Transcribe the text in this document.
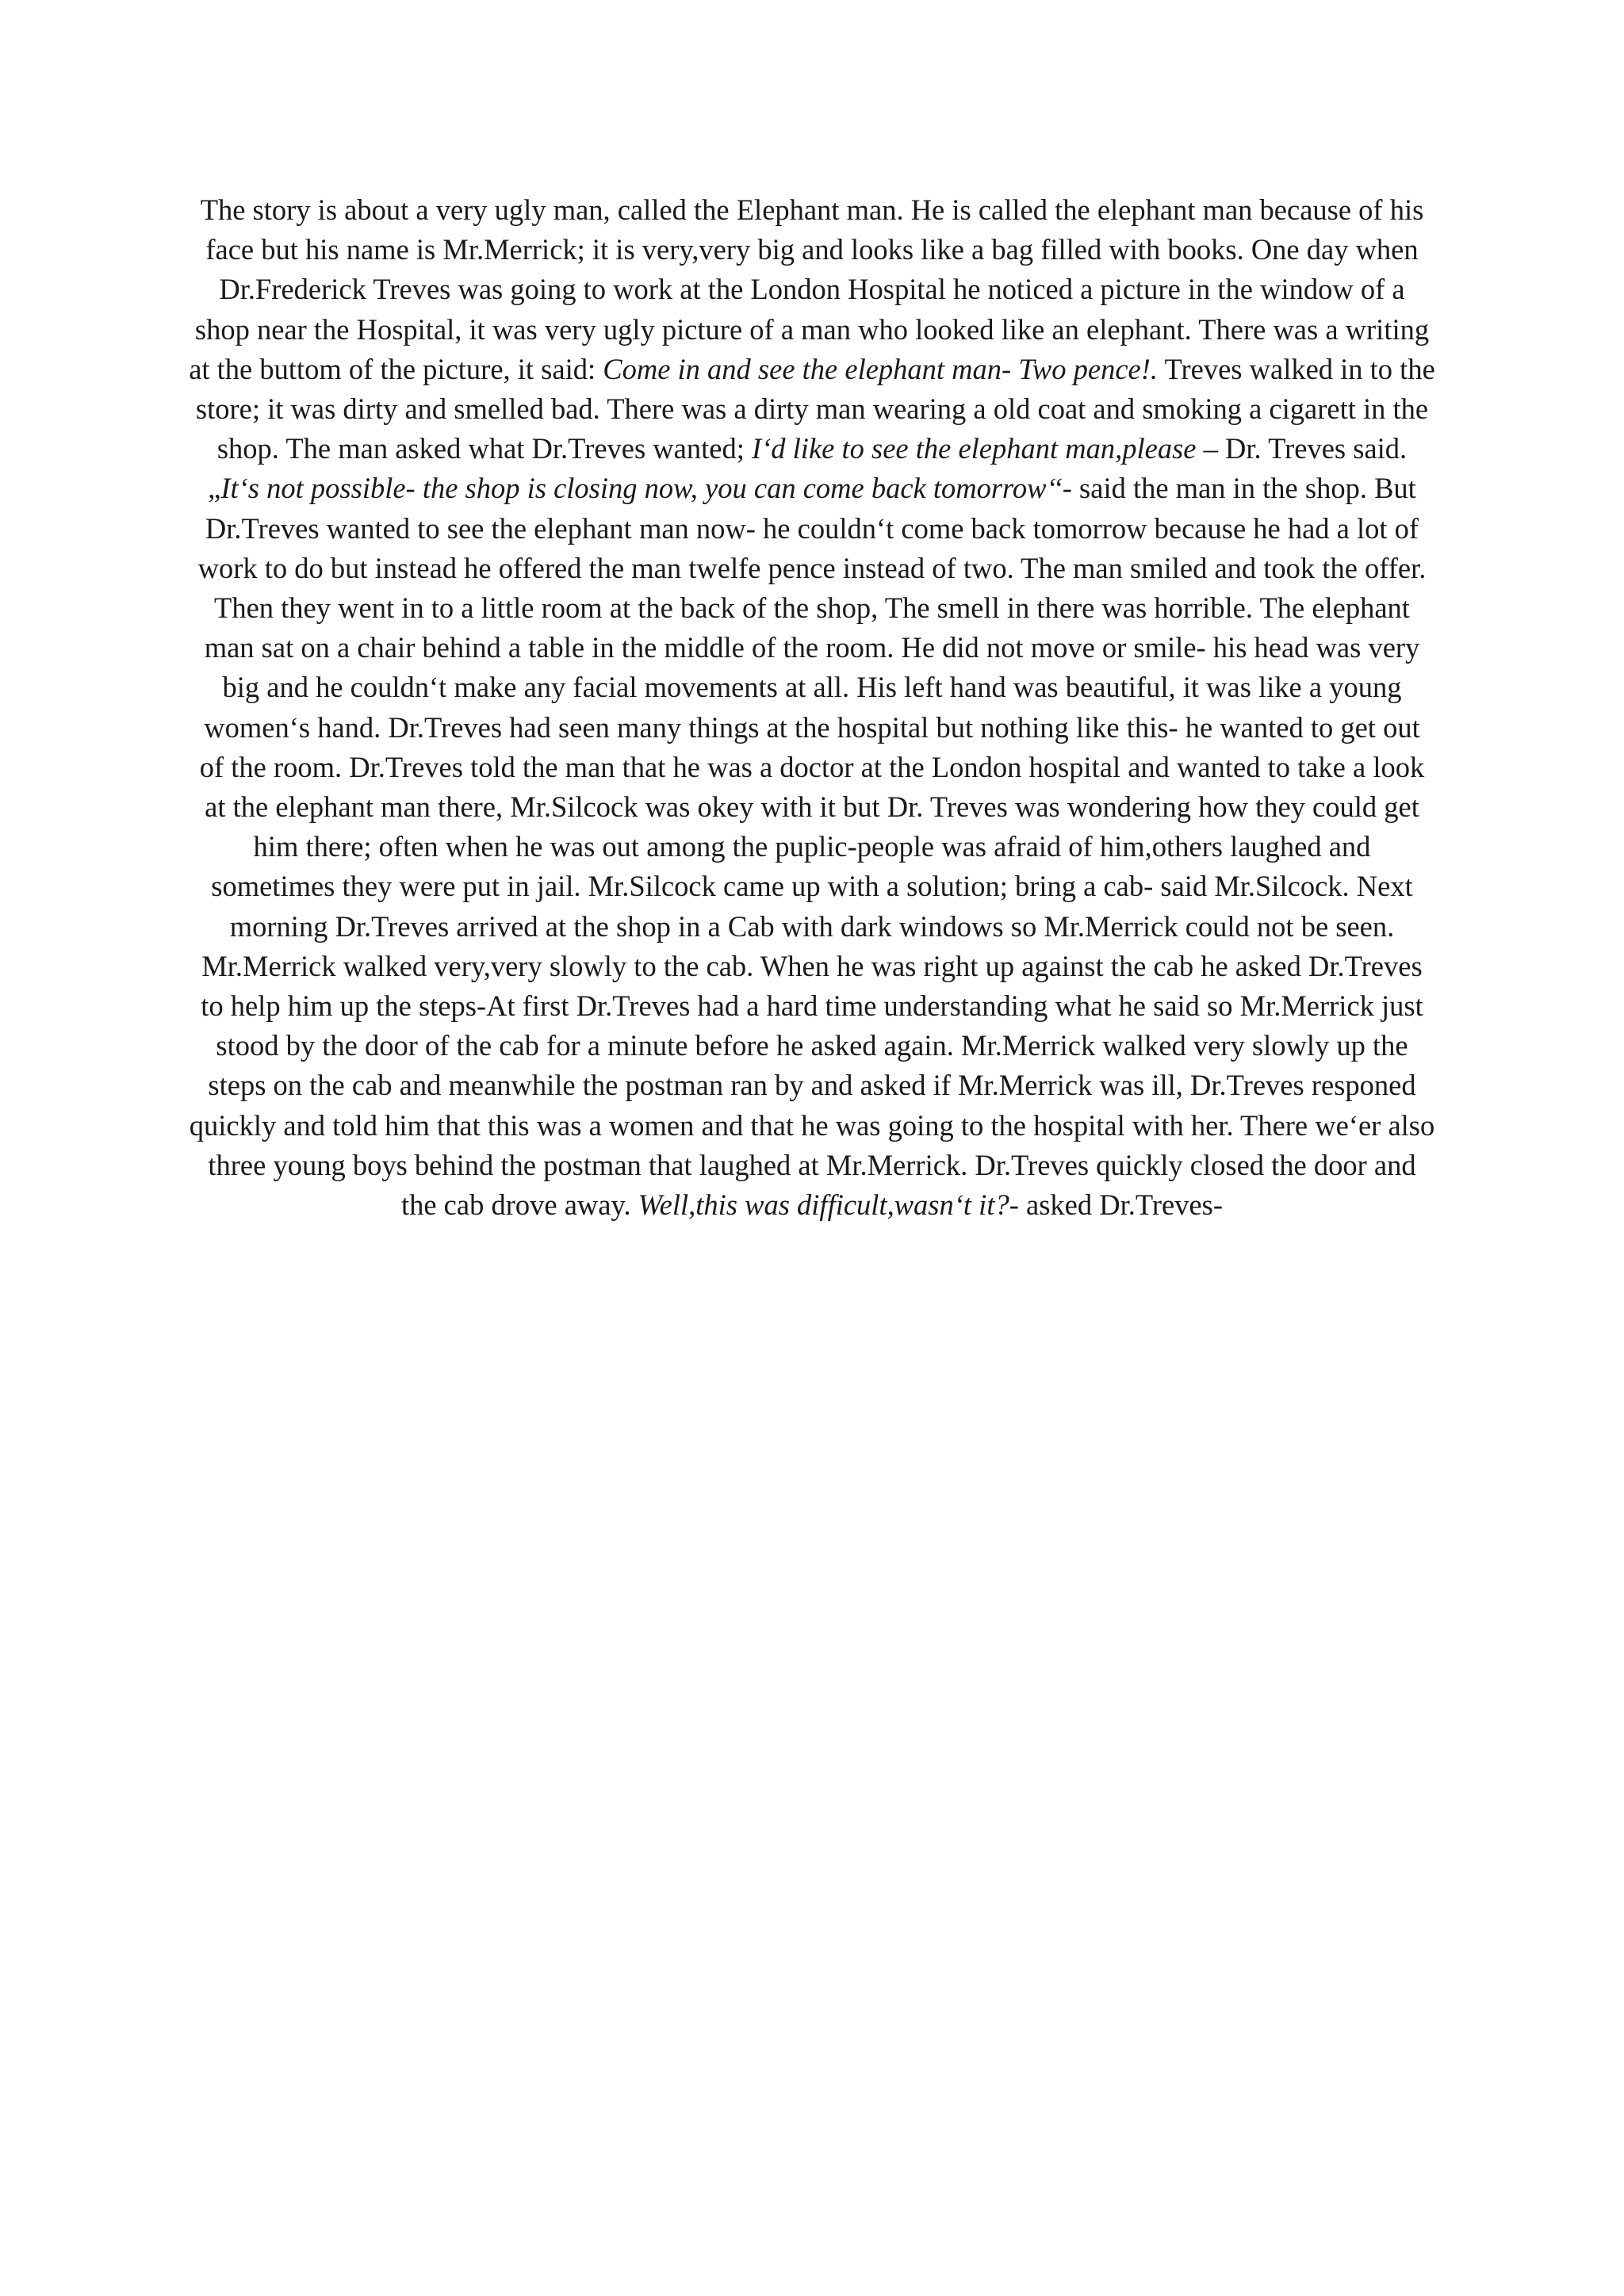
The story is about a very ugly man, called the Elephant man. He is called the elephant man because of his face but his name is Mr.Merrick; it is very,very big and looks like a bag filled with books. One day when Dr.Frederick Treves was going to work at the London Hospital he noticed a picture in the window of a shop near the Hospital, it was very ugly picture of a man who looked like an elephant. There was a writing at the buttom of the picture, it said: Come in and see the elephant man- Two pence!. Treves walked in to the store; it was dirty and smelled bad. There was a dirty man wearing a old coat and smoking a cigarett in the shop. The man asked what Dr.Treves wanted; I‘d like to see the elephant man,please – Dr. Treves said. „It‘s not possible- the shop is closing now, you can come back tomorrow‘‘- said the man in the shop. But Dr.Treves wanted to see the elephant man now- he couldn‘t come back tomorrow because he had a lot of work to do but instead he offered the man twelfe pence instead of two. The man smiled and took the offer. Then they went in to a little room at the back of the shop, The smell in there was horrible. The elephant man sat on a chair behind a table in the middle of the room. He did not move or smile- his head was very big and he couldn‘t make any facial movements at all. His left hand was beautiful, it was like a young women‘s hand. Dr.Treves had seen many things at the hospital but nothing like this- he wanted to get out of the room. Dr.Treves told the man that he was a doctor at the London hospital and wanted to take a look at the elephant man there, Mr.Silcock was okey with it but Dr. Treves was wondering how they could get him there; often when he was out among the puplic-people was afraid of him,others laughed and sometimes they were put in jail. Mr.Silcock came up with a solution; bring a cab- said Mr.Silcock. Next morning Dr.Treves arrived at the shop in a Cab with dark windows so Mr.Merrick could not be seen. Mr.Merrick walked very,very slowly to the cab. When he was right up against the cab he asked Dr.Treves to help him up the steps-At first Dr.Treves had a hard time understanding what he said so Mr.Merrick just stood by the door of the cab for a minute before he asked again. Mr.Merrick walked very slowly up the steps on the cab and meanwhile the postman ran by and asked if Mr.Merrick was ill, Dr.Treves responed quickly and told him that this was a women and that he was going to the hospital with her. There we‘er also three young boys behind the postman that laughed at Mr.Merrick. Dr.Treves quickly closed the door and the cab drove away. Well,this was difficult,wasn‘t it?- asked Dr.Treves-
